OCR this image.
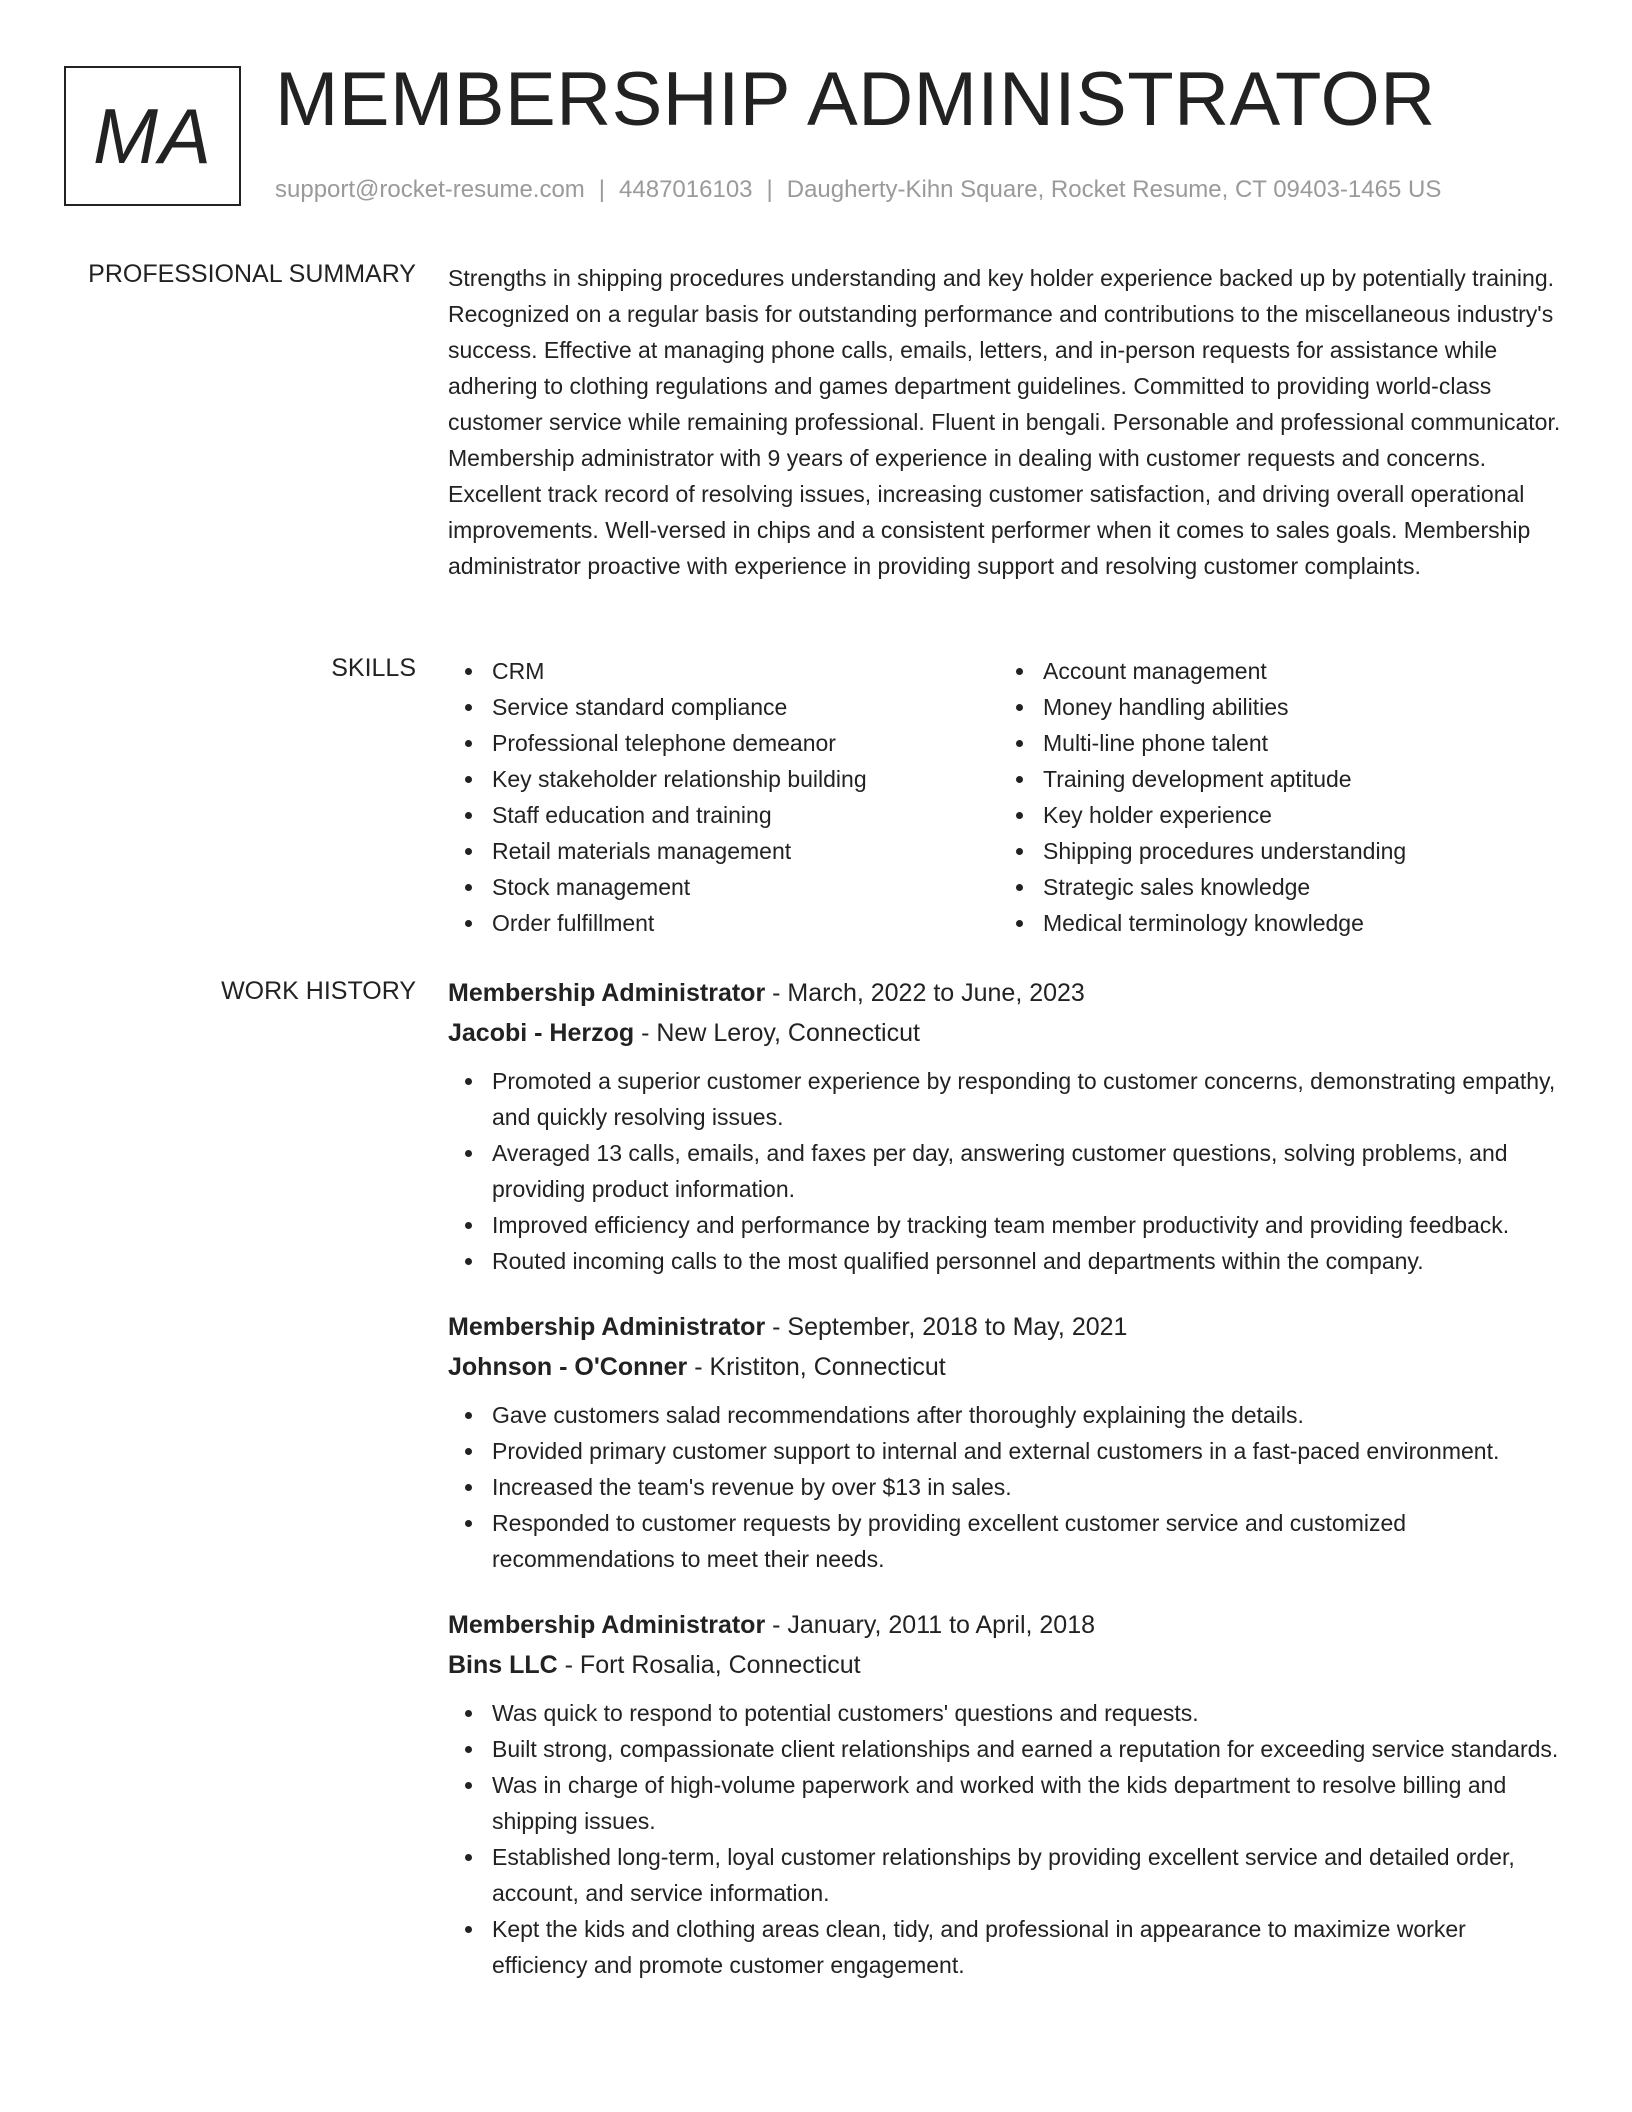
MA MEMBERSHIP ADMINISTRATOR
support@rocket-resume.com | 4487016103 | Daugherty-Kihn Square, Rocket Resume, CT 09403-1465 US
PROFESSIONAL SUMMARY Strengths in shipping procedures understanding and key holder experience backed up by potentially training. Recognized on a regular basis for outstanding performance and contributions to the miscellaneous industry's success. Effective at managing phone calls, emails, letters, and in-person requests for assistance while adhering to clothing regulations and games department guidelines. Committed to providing world-class customer service while remaining professional. Fluent in bengali. Personable and professional communicator. Membership administrator with 9 years of experience in dealing with customer requests and concerns. Excellent track record of resolving issues, increasing customer satisfaction, and driving overall operational improvements. Well-versed in chips and a consistent performer when it comes to sales goals. Membership administrator proactive with experience in providing support and resolving customer complaints.

SKILLS	CRM
Service standard compliance
Professional telephone demeanor
Key stakeholder relationship building
Staff education and training
Retail materials management
Stock management
Order fulfillment
Account management
Money handling abilities
Multi-line phone talent
Training development aptitude
Key holder experience
Shipping procedures understanding
Strategic sales knowledge
Medical terminology knowledge
WORK HISTORY Membership Administrator - March, 2022 to June, 2023
Jacobi - Herzog - New Leroy, Connecticut
Promoted a superior customer experience by responding to customer concerns, demonstrating empathy, and quickly resolving issues.
Averaged 13 calls, emails, and faxes per day, answering customer questions, solving problems, and providing product information.
Improved efficiency and performance by tracking team member productivity and providing feedback.
Routed incoming calls to the most qualified personnel and departments within the company.
Membership Administrator - September, 2018 to May, 2021
Johnson - O'Conner - Kristiton, Connecticut
Gave customers salad recommendations after thoroughly explaining the details.
Provided primary customer support to internal and external customers in a fast-paced environment.
Increased the team's revenue by over $13 in sales.
Responded to customer requests by providing excellent customer service and customized recommendations to meet their needs.
Membership Administrator - January, 2011 to April, 2018
Bins LLC - Fort Rosalia, Connecticut
Was quick to respond to potential customers' questions and requests.
Built strong, compassionate client relationships and earned a reputation for exceeding service standards.
Was in charge of high-volume paperwork and worked with the kids department to resolve billing and shipping issues.
Established long-term, loyal customer relationships by providing excellent service and detailed order, account, and service information.
Kept the kids and clothing areas clean, tidy, and professional in appearance to maximize worker efficiency and promote customer engagement.
